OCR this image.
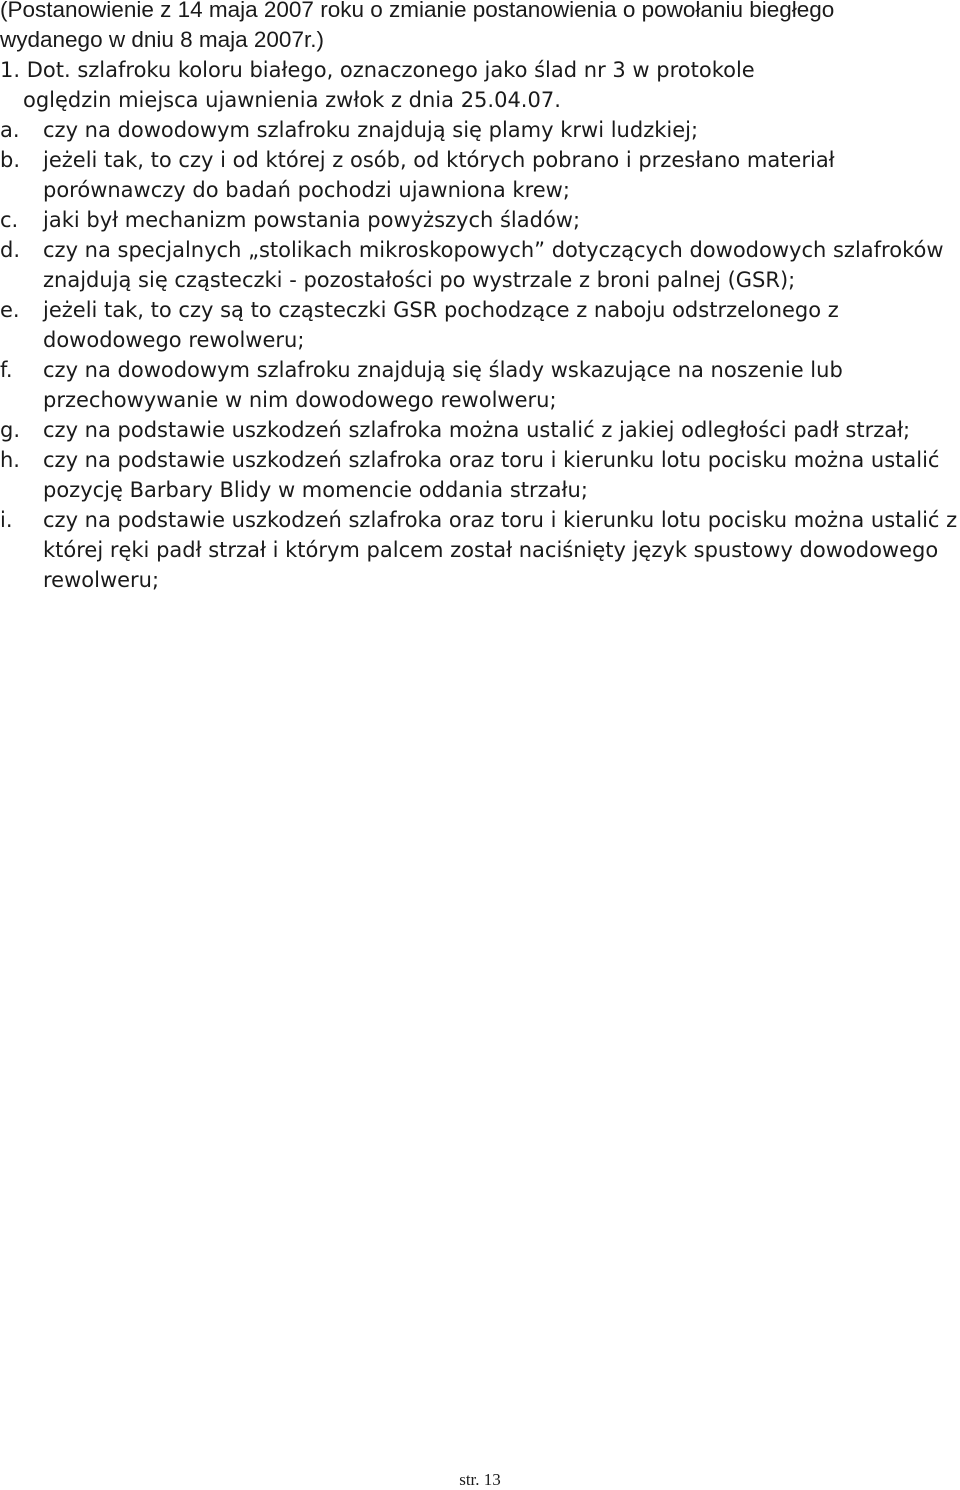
(Postanowienie z 14 maja 2007 roku o zmianie postanowienia o powołaniu biegłego wydanego w dniu 8 maja 2007r.)

1.
Dot. szlafroku koloru białego, oznaczonego jako ślad nr 3 w protokole
oględzin miejsca ujawnienia zwłok z dnia 25.04.07.
a.	czy na dowodowym szlafroku znajdują się plamy krwi ludzkiej;
b.	jeżeli tak, to czy i od której z osób, od których pobrano i przesłano materiał porównawczy do badań pochodzi ujawniona krew;
c.	jaki był mechanizm powstania powyższych śladów;
d.	czy na specjalnych „stolikach mikroskopowych” dotyczących dowodowych szlafroków znajdują się cząsteczki - pozostałości po wystrzale z broni palnej (GSR);
e.	jeżeli tak, to czy są to cząsteczki GSR pochodzące z naboju odstrzelonego z dowodowego rewolweru;
f.	czy na dowodowym szlafroku znajdują się ślady wskazujące na noszenie lub przechowywanie w nim dowodowego rewolweru;
g.	czy na podstawie uszkodzeń szlafroka można ustalić z jakiej odległości padł strzał;
h.	czy na podstawie uszkodzeń szlafroka oraz toru i kierunku lotu pocisku można ustalić pozycję Barbary Blidy w momencie oddania strzału;
i.	czy na podstawie uszkodzeń szlafroka oraz toru i kierunku lotu pocisku można ustalić z której ręki padł strzał i którym palcem został naciśnięty język spustowy dowodowego rewolweru;
str. 13
